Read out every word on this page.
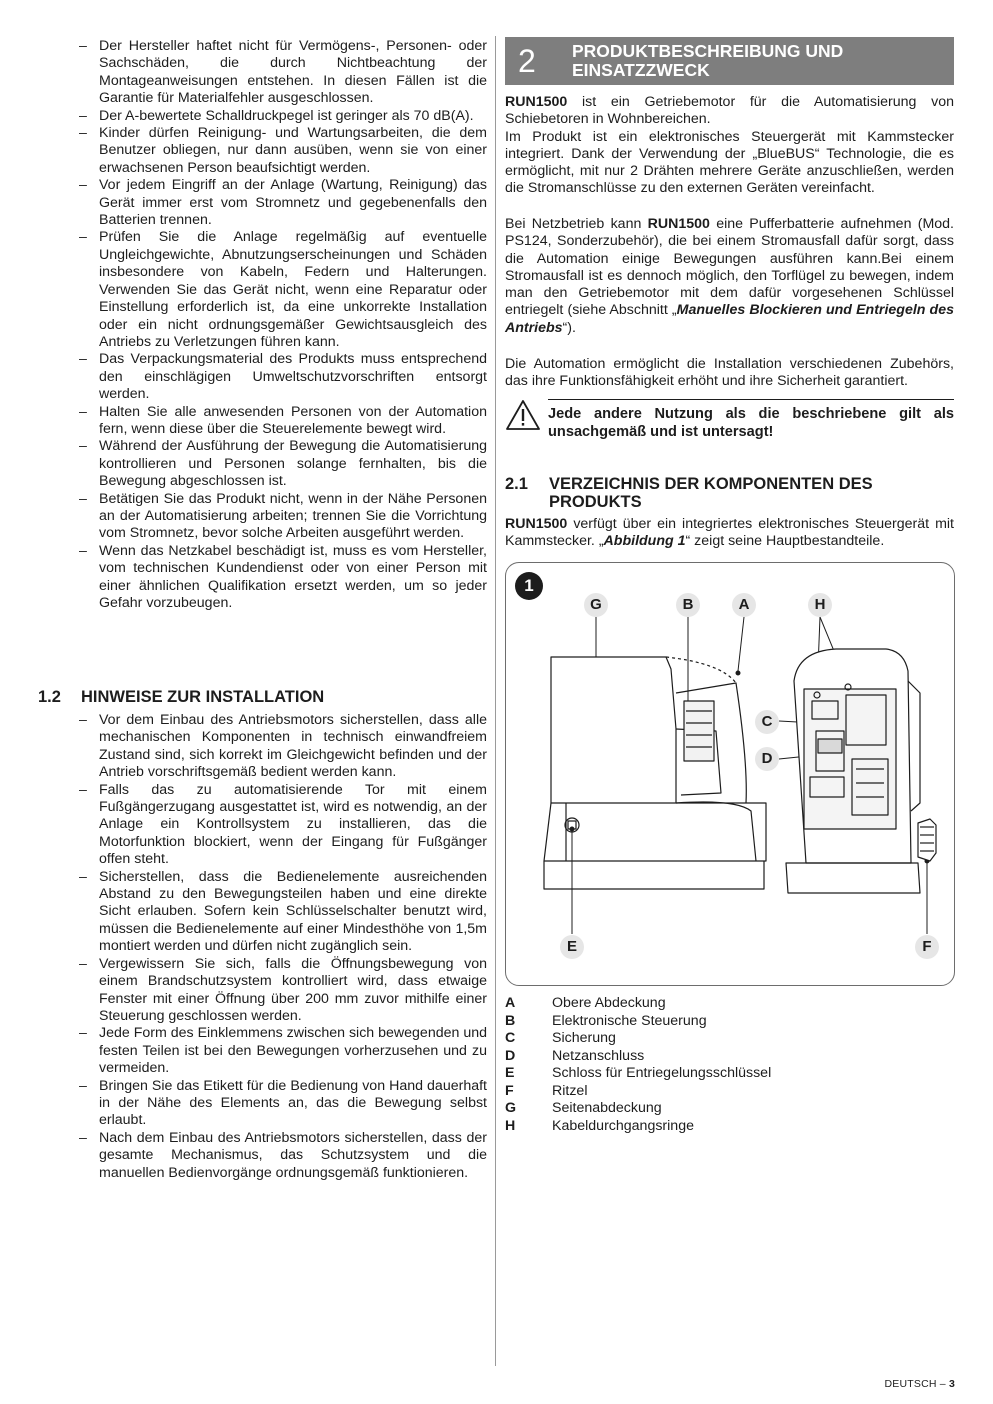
– Der Hersteller haftet nicht für Vermögens-, Personen- oder Sachschäden, die durch Nichtbeachtung der Montageanweisungen entstehen. In diesen Fällen ist die Garantie für Materialfehler ausgeschlossen.
– Der A-bewertete Schalldruckpegel ist geringer als 70 dB(A).
– Kinder dürfen Reinigung- und Wartungsarbeiten, die dem Benutzer obliegen, nur dann ausüben, wenn sie von einer erwachsenen Person beaufsichtigt werden.
– Vor jedem Eingriff an der Anlage (Wartung, Reinigung) das Gerät immer erst vom Stromnetz und gegebenenfalls den Batterien trennen.
– Prüfen Sie die Anlage regelmäßig auf eventuelle Ungleichgewichte, Abnutzungserscheinungen und Schäden insbesondere von Kabeln, Federn und Halterungen. Verwenden Sie das Gerät nicht, wenn eine Reparatur oder Einstellung erforderlich ist, da eine unkorrekte Installation oder ein nicht ordnungsgemäßer Gewichtsausgleich des Antriebs zu Verletzungen führen kann.
– Das Verpackungsmaterial des Produkts muss entsprechend den einschlägigen Umweltschutzvorschriften entsorgt werden.
– Halten Sie alle anwesenden Personen von der Automation fern, wenn diese über die Steuerelemente bewegt wird.
– Während der Ausführung der Bewegung die Automatisierung kontrollieren und Personen solange fernhalten, bis die Bewegung abgeschlossen ist.
– Betätigen Sie das Produkt nicht, wenn in der Nähe Personen an der Automatisierung arbeiten; trennen Sie die Vorrichtung vom Stromnetz, bevor solche Arbeiten ausgeführt werden.
– Wenn das Netzkabel beschädigt ist, muss es vom Hersteller, vom technischen Kundendienst oder von einer Person mit einer ähnlichen Qualifikation ersetzt werden, um so jeder Gefahr vorzubeugen.
1.2 HINWEISE ZUR INSTALLATION
– Vor dem Einbau des Antriebsmotors sicherstellen, dass alle mechanischen Komponenten in technisch einwandfreiem Zustand sind, sich korrekt im Gleichgewicht befinden und der Antrieb vorschriftsgemäß bedient werden kann.
– Falls das zu automatisierende Tor mit einem Fußgängerzugang ausgestattet ist, wird es notwendig, an der Anlage ein Kontrollsystem zu installieren, das die Motorfunktion blockiert, wenn der Eingang für Fußgänger offen steht.
– Sicherstellen, dass die Bedienelemente ausreichenden Abstand zu den Bewegungsteilen haben und eine direkte Sicht erlauben. Sofern kein Schlüsselschalter benutzt wird, müssen die Bedienelemente auf einer Mindesthöhe von 1,5m montiert werden und dürfen nicht zugänglich sein.
– Vergewissern Sie sich, falls die Öffnungsbewegung von einem Brandschutzsystem kontrolliert wird, dass etwaige Fenster mit einer Öffnung über 200 mm zuvor mithilfe einer Steuerung geschlossen werden.
– Jede Form des Einklemmens zwischen sich bewegenden und festen Teilen ist bei den Bewegungen vorherzusehen und zu vermeiden.
– Bringen Sie das Etikett für die Bedienung von Hand dauerhaft in der Nähe des Elements an, das die Bewegung selbst erlaubt.
– Nach dem Einbau des Antriebsmotors sicherstellen, dass der gesamte Mechanismus, das Schutzsystem und die manuellen Bedienvorgänge ordnungsgemäß funktionieren.
2 PRODUKTBESCHREIBUNG UND
EINSATZZWECK
RUN1500 ist ein Getriebemotor für die Automatisierung von Schiebetoren in Wohnbereichen.
Im Produkt ist ein elektronisches Steuergerät mit Kammstecker integriert. Dank der Verwendung der „BlueBUS“ Technologie, die es ermöglicht, mit nur 2 Drähten mehrere Geräte anzuschließen, werden die Stromanschlüsse zu den externen Geräten vereinfacht.
Bei Netzbetrieb kann RUN1500 eine Pufferbatterie aufnehmen (Mod. PS124, Sonderzubehör), die bei einem Stromausfall dafür sorgt, dass die Automation einige Bewegungen ausführen kann.Bei einem Stromausfall ist es dennoch möglich, den Torflügel zu bewegen, indem man den Getriebemotor mit dem dafür vorgesehenen Schlüssel entriegelt (siehe Abschnitt „Manuelles Blockieren und Entriegeln des Antriebs“).
Die Automation ermöglicht die Installation verschiedenen Zubehörs, das ihre Funktionsfähigkeit erhöht und ihre Sicherheit garantiert.
Jede andere Nutzung als die beschriebene gilt als unsachgemäß und ist untersagt!
2.1 VERZEICHNIS DER KOMPONENTEN DES PRODUKTS
RUN1500 verfügt über ein integriertes elektronisches Steuergerät mit Kammstecker. „Abbildung 1“ zeigt seine Hauptbestandteile.
1
G	B	A	H
C
D
E	F
A	Obere Abdeckung
B	Elektronische Steuerung
C	Sicherung
D	Netzanschluss
E	Schloss für Entriegelungsschlüssel
F	Ritzel
G	Seitenabdeckung
H	Kabeldurchgangsringe
DEUTSCH – 3
